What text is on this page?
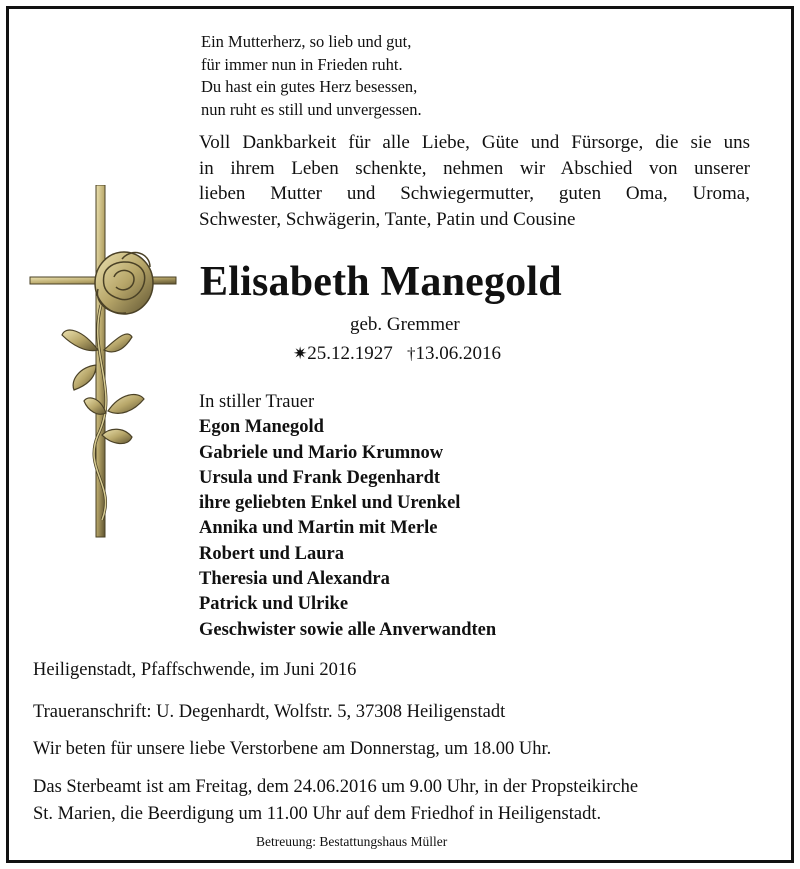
Ein Mutterherz, so lieb und gut,
für immer nun in Frieden ruht.
Du hast ein gutes Herz besessen,
nun ruht es still und unvergessen.
Voll Dankbarkeit für alle Liebe, Güte und Fürsorge, die sie uns
in ihrem Leben schenkte, nehmen wir Abschied von unserer
lieben Mutter und Schwiegermutter, guten Oma, Uroma,
Schwester, Schwägerin, Tante, Patin und Cousine
Elisabeth Manegold
geb. Gremmer
✷25.12.1927 †13.06.2016
In stiller Trauer
Egon Manegold
Gabriele und Mario Krumnow
Ursula und Frank Degenhardt
ihre geliebten Enkel und Urenkel
Annika und Martin mit Merle
Robert und Laura
Theresia und Alexandra
Patrick und Ulrike
Geschwister sowie alle Anverwandten
Heiligenstadt, Pfaffschwende, im Juni 2016
Traueranschrift: U. Degenhardt, Wolfstr. 5, 37308 Heiligenstadt
Wir beten für unsere liebe Verstorbene am Donnerstag, um 18.00 Uhr.
Das Sterbeamt ist am Freitag, dem 24.06.2016 um 9.00 Uhr, in der Propsteikirche
St. Marien, die Beerdigung um 11.00 Uhr auf dem Friedhof in Heiligenstadt.
Betreuung: Bestattungshaus Müller
